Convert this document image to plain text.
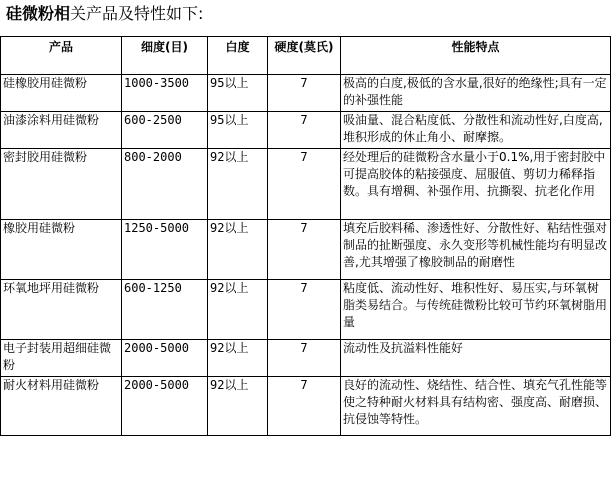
硅微粉相关产品及特性如下:
产品	细度(目)	白度	硬度(莫氏)	性能特点
硅橡胶用硅微粉	1000-3500	95以上	7	极高的白度,极低的含水量,很好的绝缘性;具有一定的补强性能
油漆涂料用硅微粉	600-2500	95以上	7	吸油量、混合粘度低、分散性和流动性好,白度高,堆积形成的休止角小、耐摩擦。
密封胶用硅微粉	800-2000	92以上	7	经处理后的硅微粉含水量小于0.1%,用于密封胶中可提高胶体的粘接强度、屈服值、剪切力稀释指数。具有增稠、补强作用、抗撕裂、抗老化作用
橡胶用硅微粉	1250-5000	92以上	7	填充后胶料稀、渗透性好、分散性好、粘结性强对制品的扯断强度、永久变形等机械性能均有明显改善,尤其增强了橡胶制品的耐磨性
环氧地坪用硅微粉	600-1250	92以上	7	粘度低、流动性好、堆积性好、易压实,与环氧树脂类易结合。与传统硅微粉比较可节约环氧树脂用量
电子封装用超细硅微粉	2000-5000	92以上	7	流动性及抗溢料性能好
耐火材料用硅微粉	2000-5000	92以上	7	良好的流动性、烧结性、结合性、填充气孔性能等使之特种耐火材料具有结构密、强度高、耐磨损、抗侵蚀等特性。
